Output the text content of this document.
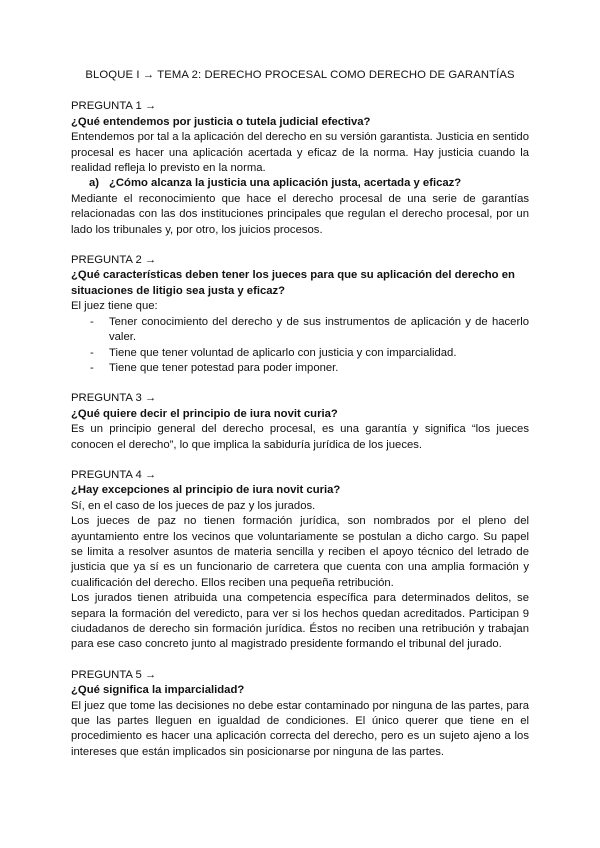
BLOQUE I → TEMA 2: DERECHO PROCESAL COMO DERECHO DE GARANTÍAS

PREGUNTA 1 →

¿Qué entendemos por justicia o tutela judicial efectiva?

Entendemos por tal a la aplicación del derecho en su versión garantista. Justicia en sentido procesal es hacer una aplicación acertada y eficaz de la norma. Hay justicia cuando la realidad refleja lo previsto en la norma.

a) ¿Cómo alcanza la justicia una aplicación justa, acertada y eficaz?

Mediante el reconocimiento que hace el derecho procesal de una serie de garantías relacionadas con las dos instituciones principales que regulan el derecho procesal, por un lado los tribunales y, por otro, los juicios procesos.

PREGUNTA 2 →

¿Qué características deben tener los jueces para que su aplicación del derecho en situaciones de litigio sea justa y eficaz?

El juez tiene que:

- Tener conocimiento del derecho y de sus instrumentos de aplicación y de hacerlo valer.
- Tiene que tener voluntad de aplicarlo con justicia y con imparcialidad.
- Tiene que tener potestad para poder imponer.

PREGUNTA 3 →

¿Qué quiere decir el principio de iura novit curia?

Es un principio general del derecho procesal, es una garantía y significa “los jueces conocen el derecho”, lo que implica la sabiduría jurídica de los jueces.

PREGUNTA 4 →

¿Hay excepciones al principio de iura novit curia?

Sí, en el caso de los jueces de paz y los jurados.

Los jueces de paz no tienen formación jurídica, son nombrados por el pleno del ayuntamiento entre los vecinos que voluntariamente se postulan a dicho cargo. Su papel se limita a resolver asuntos de materia sencilla y reciben el apoyo técnico del letrado de justicia que ya sí es un funcionario de carretera que cuenta con una amplia formación y cualificación del derecho. Ellos reciben una pequeña retribución.

Los jurados tienen atribuida una competencia específica para determinados delitos, se separa la formación del veredicto, para ver si los hechos quedan acreditados. Participan 9 ciudadanos de derecho sin formación jurídica. Éstos no reciben una retribución y trabajan para ese caso concreto junto al magistrado presidente formando el tribunal del jurado.

PREGUNTA 5 →

¿Qué significa la imparcialidad?

El juez que tome las decisiones no debe estar contaminado por ninguna de las partes, para que las partes lleguen en igualdad de condiciones. El único querer que tiene en el procedimiento es hacer una aplicación correcta del derecho, pero es un sujeto ajeno a los intereses que están implicados sin posicionarse por ninguna de las partes.
